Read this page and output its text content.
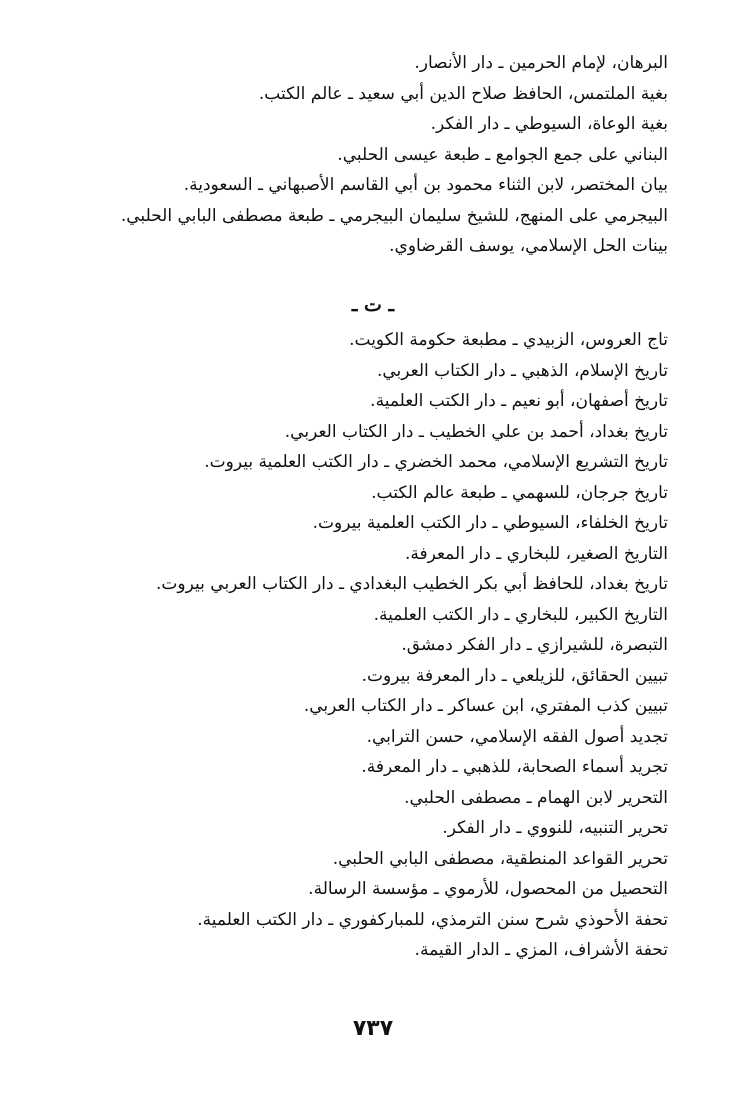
البرهان، لإمام الحرمين ـ دار الأنصار.
بغية الملتمس، الحافظ صلاح الدين أبي سعيد ـ عالم الكتب.
بغية الوعاة، السيوطي ـ دار الفكر.
البناني على جمع الجوامع ـ طبعة عيسى الحلبي.
بيان المختصر، لابن الثناء محمود بن أبي القاسم الأصبهاني ـ السعودية.
البيجرمي على المنهج، للشيخ سليمان البيجرمي ـ طبعة مصطفى البابي الحلبي.
بينات الحل الإسلامي، يوسف القرضاوي.
ـ ت ـ
تاج العروس، الزبيدي ـ مطبعة حكومة الكويت.
تاريخ الإسلام، الذهبي ـ دار الكتاب العربي.
تاريخ أصفهان، أبو نعيم ـ دار الكتب العلمية.
تاريخ بغداد، أحمد بن علي الخطيب ـ دار الكتاب العربي.
تاريخ التشريع الإسلامي، محمد الخضري ـ دار الكتب العلمية بيروت.
تاريخ جرجان، للسهمي ـ طبعة عالم الكتب.
تاريخ الخلفاء، السيوطي ـ دار الكتب العلمية بيروت.
التاريخ الصغير، للبخاري ـ دار المعرفة.
تاريخ بغداد، للحافظ أبي بكر الخطيب البغدادي ـ دار الكتاب العربي بيروت.
التاريخ الكبير، للبخاري ـ دار الكتب العلمية.
التبصرة، للشيرازي ـ دار الفكر دمشق.
تبيين الحقائق، للزيلعي ـ دار المعرفة بيروت.
تبيين كذب المفتري، ابن عساكر ـ دار الكتاب العربي.
تجديد أصول الفقه الإسلامي، حسن الترابي.
تجريد أسماء الصحابة، للذهبي ـ دار المعرفة.
التحرير لابن الهمام ـ مصطفى الحلبي.
تحرير التنبيه، للنووي ـ دار الفكر.
تحرير القواعد المنطقية، مصطفى البابي الحلبي.
التحصيل من المحصول، للأرموي ـ مؤسسة الرسالة.
تحفة الأحوذي شرح سنن الترمذي، للمباركفوري ـ دار الكتب العلمية.
تحفة الأشراف، المزي ـ الدار القيمة.
٧٣٧
